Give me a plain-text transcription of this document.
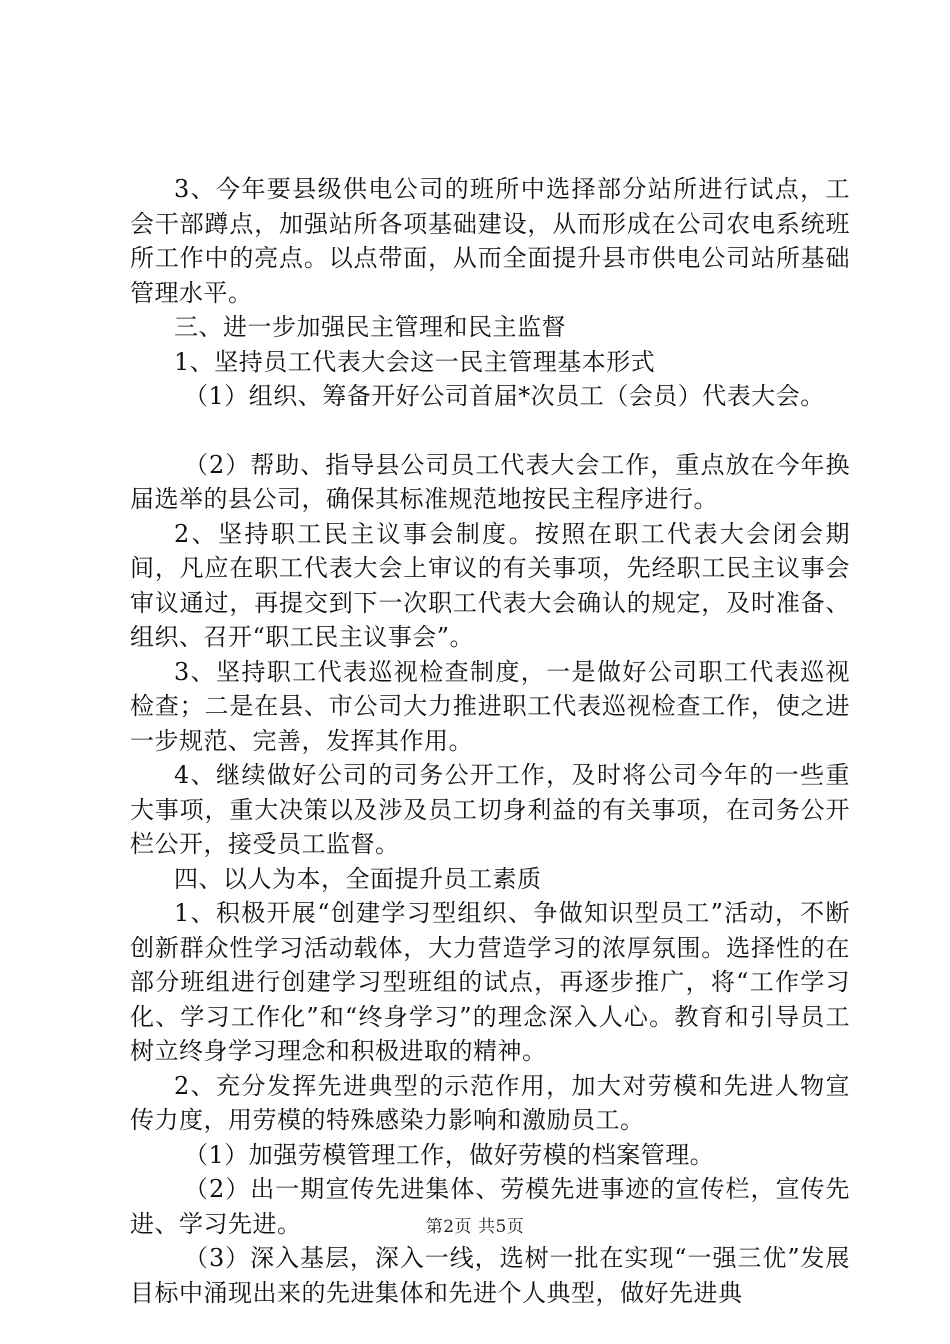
3、今年要县级供电公司的班所中选择部分站所进行试点，工会干部蹲点，加强站所各项基础建设，从而形成在公司农电系统班所工作中的亮点。以点带面，从而全面提升县市供电公司站所基础管理水平。

三、进一步加强民主管理和民主监督

1、坚持员工代表大会这一民主管理基本形式

（1）组织、筹备开好公司首届*次员工（会员）代表大会。

（2）帮助、指导县公司员工代表大会工作，重点放在今年换届选举的县公司，确保其标准规范地按民主程序进行。

2、坚持职工民主议事会制度。按照在职工代表大会闭会期间，凡应在职工代表大会上审议的有关事项，先经职工民主议事会审议通过，再提交到下一次职工代表大会确认的规定，及时准备、组织、召开“职工民主议事会”。

3、坚持职工代表巡视检查制度，一是做好公司职工代表巡视检查；二是在县、市公司大力推进职工代表巡视检查工作，使之进一步规范、完善，发挥其作用。

4、继续做好公司的司务公开工作，及时将公司今年的一些重大事项，重大决策以及涉及员工切身利益的有关事项，在司务公开栏公开，接受员工监督。

四、以人为本，全面提升员工素质

1、积极开展“创建学习型组织、争做知识型员工”活动，不断创新群众性学习活动载体，大力营造学习的浓厚氛围。选择性的在部分班组进行创建学习型班组的试点，再逐步推广，将“工作学习化、学习工作化”和“终身学习”的理念深入人心。教育和引导员工树立终身学习理念和积极进取的精神。

2、充分发挥先进典型的示范作用，加大对劳模和先进人物宣传力度，用劳模的特殊感染力影响和激励员工。

（1）加强劳模管理工作，做好劳模的档案管理。

（2）出一期宣传先进集体、劳模先进事迹的宣传栏，宣传先进、学习先进。

（3）深入基层，深入一线，选树一批在实现“一强三优”发展目标中涌现出来的先进集体和先进个人典型，做好先进典

第2页 共5页
